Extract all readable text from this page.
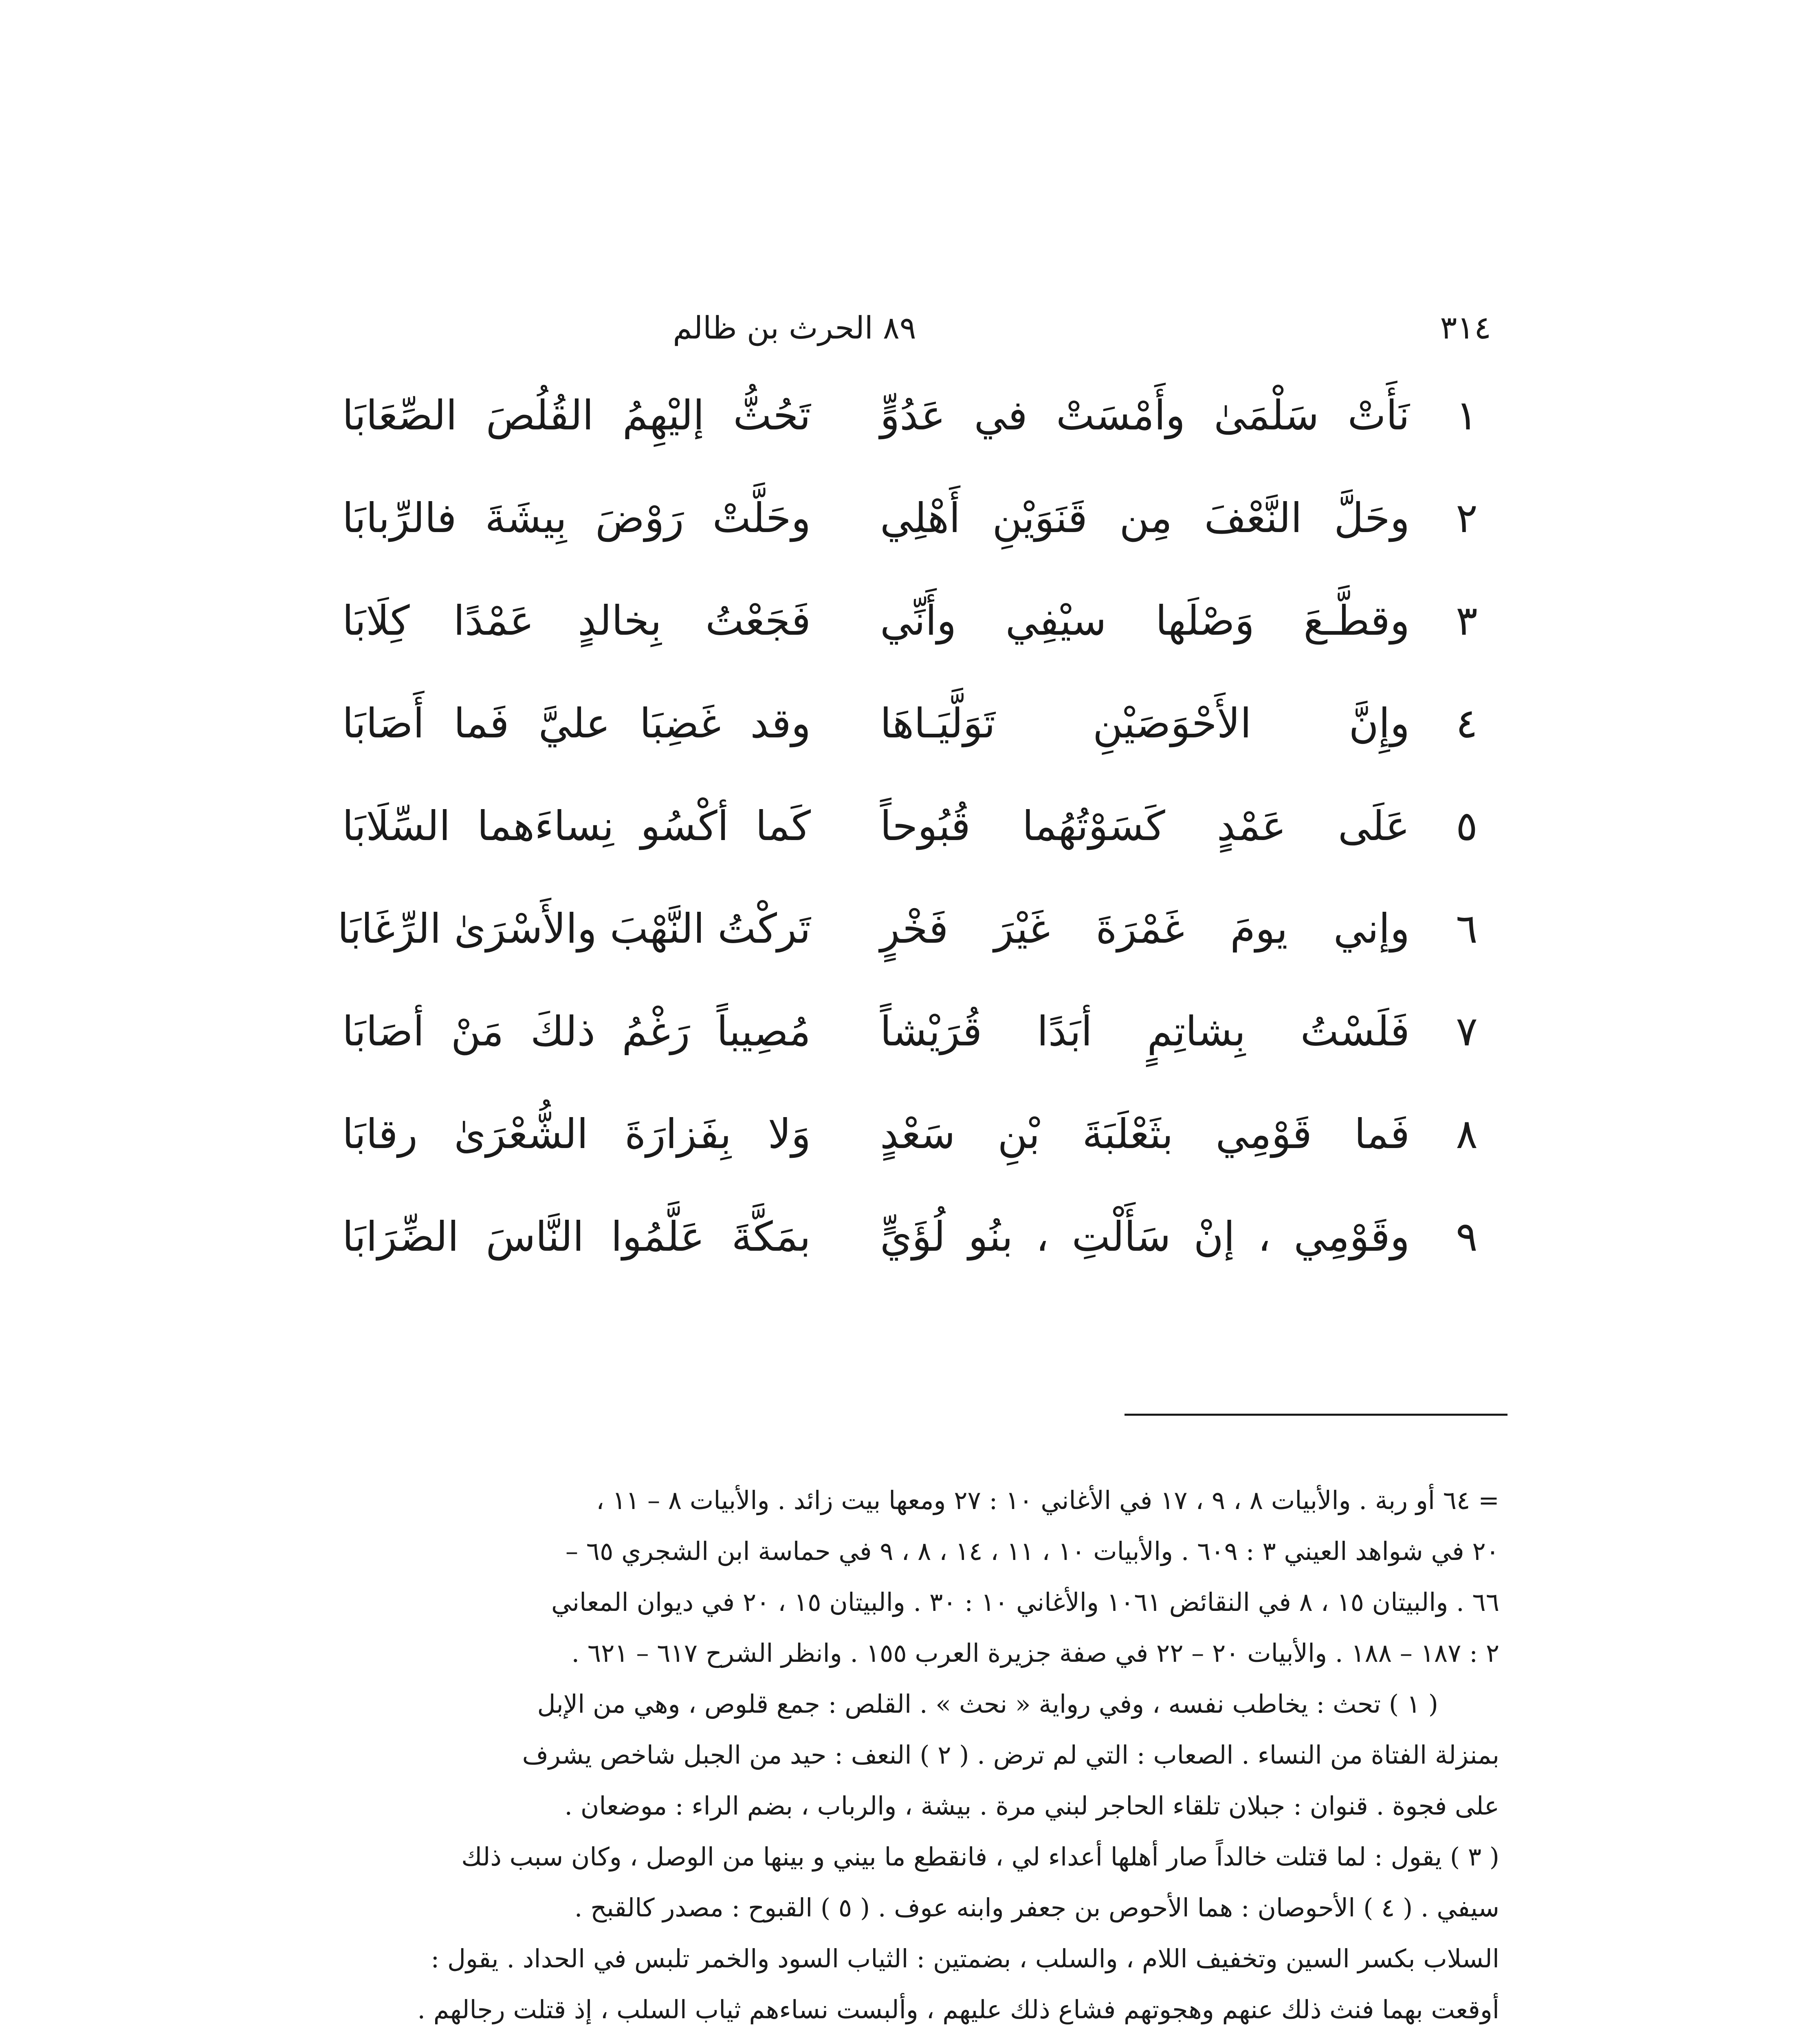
٣١٤
٨٩ الحرث بن ظالم
١
نَأَتْ سَلْمَىٰ وأَمْسَتْ في عَدُوٍّ
تَحُثُّ إليْهِمُ القُلُصَ الصِّعَابَا
٢
وحَلَّ النَّعْفَ مِن قَنَوَيْنِ أَهْلِي
وحَلَّتْ رَوْضَ بِيشَةَ فالرِّبابَا
٣
وقطَّـعَ وَصْلَها سيْفِي وأَنِّي
فَجَعْتُ بِخالدٍ عَمْدًا كِلَابَا
٤
وإِنَّ الأَحْوَصَيْنِ تَوَلَّيَـاهَا
وقد غَضِبَا عليَّ فَما أَصَابَا
٥
عَلَى عَمْدٍ كَسَوْتُهُما قُبُوحاً
كَما أكْسُو نِساءَهما السِّلَابَا
٦
وإني يومَ غَمْرَةَ غَيْرَ فَخْرٍ
تَركْتُ النَّهْبَ والأَسْرَىٰ الرِّغَابَا
٧
فَلَسْتُ بِشاتِمٍ أبَدًا قُرَيْشاً
مُصِيباً رَغْمُ ذلكَ مَنْ أصَابَا
٨
فَما قَوْمِي بثَعْلَبَةَ بْنِ سَعْدٍ
وَلا بِفَزارَةَ الشُّعْرَىٰ رقابَا
٩
وقَوْمِي ، إنْ سَأَلْتِ ، بنُو لُؤَيٍّ
بمَكَّةَ عَلَّمُوا النَّاسَ الضِّرَابَا

= ٦٤ أو ربة . والأبيات ٨ ، ٩ ، ١٧ في الأغاني ١٠ : ٢٧ ومعها بيت زائد . والأبيات ٨ – ١١ ،

٢٠ في شواهد العيني ٣ : ٦٠٩ . والأبيات ١٠ ، ١١ ، ١٤ ، ٨ ، ٩ في حماسة ابن الشجري ٦٥ –

٦٦ . والبيتان ١٥ ، ٨ في النقائض ١٠٦١ والأغاني ١٠ : ٣٠ . والبيتان ١٥ ، ٢٠ في ديوان المعاني

٢ : ١٨٧ – ١٨٨ . والأبيات ٢٠ – ٢٢ في صفة جزيرة العرب ١٥٥ . وانظر الشرح ٦١٧ – ٦٢١ .

( ١ ) تحث : يخاطب نفسه ، وفي رواية « نحث » . القلص : جمع قلوص ، وهي من الإبل

بمنزلة الفتاة من النساء . الصعاب : التي لم ترض . ( ٢ ) النعف : حيد من الجبل شاخص يشرف

على فجوة . قنوان : جبلان تلقاء الحاجر لبني مرة . بيشة ، والرباب ، بضم الراء : موضعان .

( ٣ ) يقول : لما قتلت خالداً صار أهلها أعداء لي ، فانقطع ما بيني و بينها من الوصل ، وكان سبب ذلك

سيفي . ( ٤ ) الأحوصان : هما الأحوص بن جعفر وابنه عوف . ( ٥ ) القبوح : مصدر كالقبح .

السلاب بكسر السين وتخفيف اللام ، والسلب ، بضمتين : الثياب السود والخمر تلبس في الحداد . يقول :

أوقعت بهما فنث ذلك عنهم وهجوتهم فشاع ذلك عليهم ، وألبست نساءهم ثياب السلب ، إذ قتلت رجالهم .
